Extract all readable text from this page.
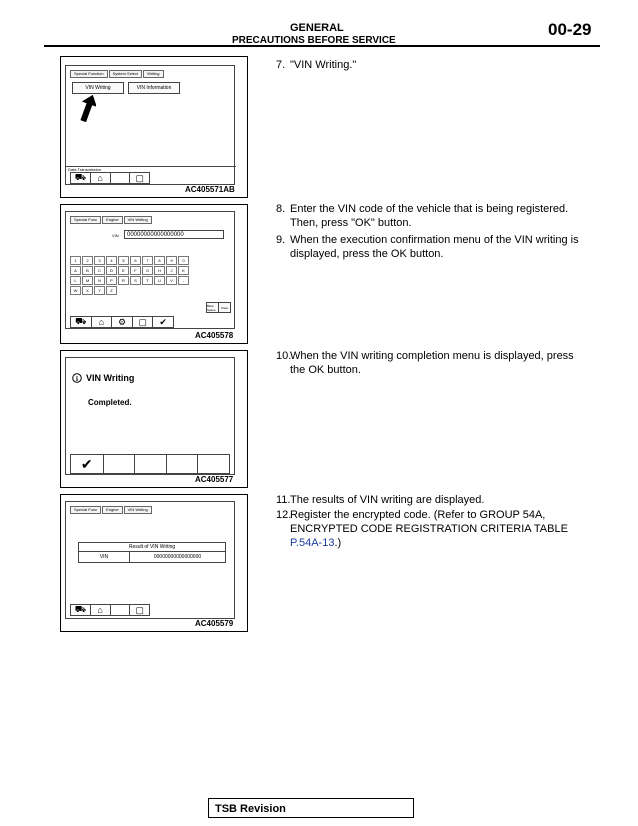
GENERAL
PRECAUTIONS BEFORE SERVICE
00-29
7. "VIN Writing."
8. Enter the VIN code of the vehicle that is being registered.
Then, press "OK" button.
9. When the execution confirmation menu of the VIN writing is
displayed, press the OK button.
10.When the VIN writing completion menu is displayed, press
the OK button.
11.The results of VIN writing are displayed.
12.Register the encrypted code. (Refer to GROUP 54A,
ENCRYPTED CODE REGISTRATION CRITERIA TABLE
P.54A-13.)
Special Function	System Select	Writing
VIN Writing	VIN Information
Data Transmission
⛟	⌂	▢
AC405571AB
Special Func	Engine	VIN Writing
VIN	00000000000000000
1	2	3	4	5	6	7	8	9	0
A	B	C	D	E	F	G	H	J	K
L	M	N	P	R	S	T	U	V	-
W	X	Y	Z
Back Space	Clear
⛟	⌂	⚙	▢	✔
AC405578
i VIN Writing
Completed.
✔
AC405577
Special Func	Engine	VIN Writing
Result of VIN Writing
VIN	00000000000000000
⛟	⌂	▢
AC405579
TSB Revision
